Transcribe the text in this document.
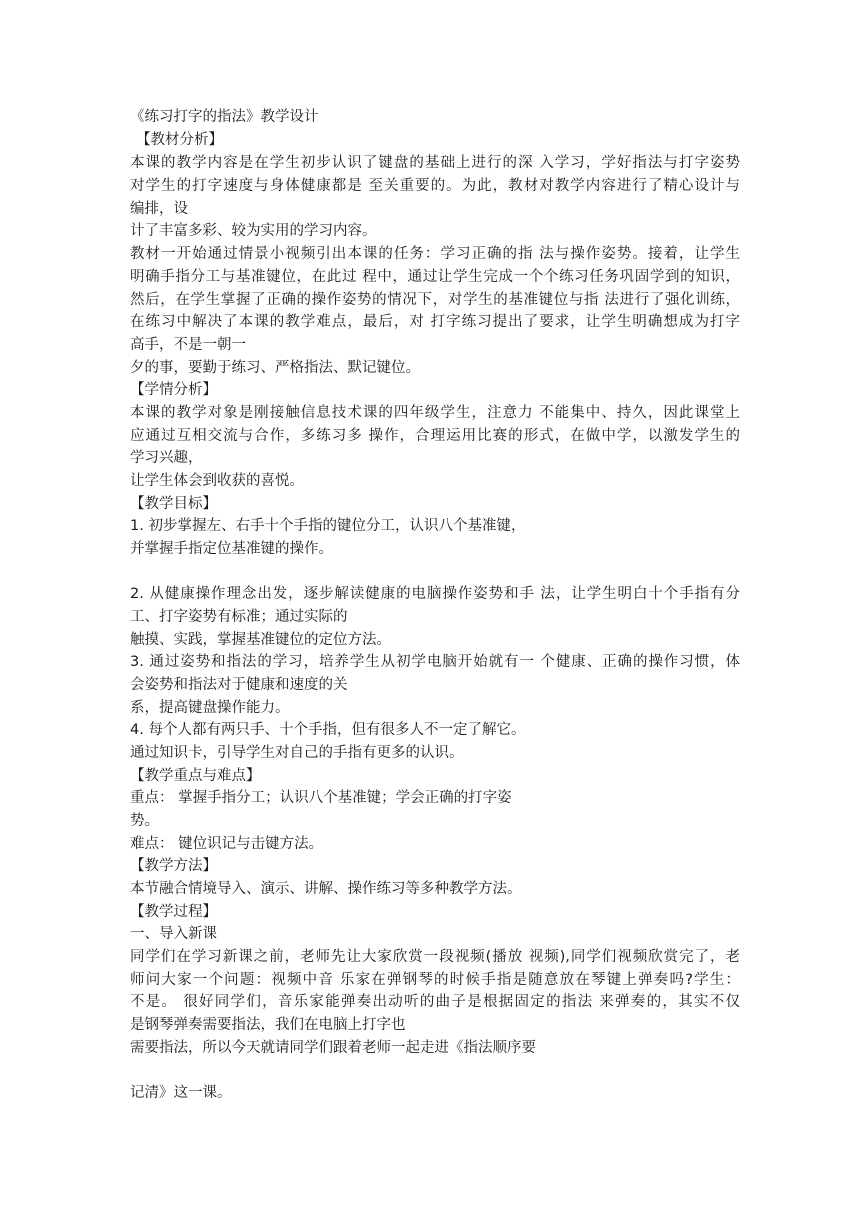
《练习打字的指法》教学设计
【教材分析】
本课的教学内容是在学生初步认识了键盘的基础上进行的深 入学习，学好指法与打字姿势
对学生的打字速度与身体健康都是 至关重要的。为此，教材对教学内容进行了精心设计与
编排，设
计了丰富多彩、较为实用的学习内容。
教材一开始通过情景小视频引出本课的任务：学习正确的指 法与操作姿势。接着，让学生
明确手指分工与基准键位，在此过 程中，通过让学生完成一个个练习任务巩固学到的知识，
然后，在学生掌握了正确的操作姿势的情况下，对学生的基准键位与指 法进行了强化训练，
在练习中解决了本课的教学难点，最后，对 打字练习提出了要求，让学生明确想成为打字
高手，不是一朝一
夕的事，要勤于练习、严格指法、默记键位。
【学情分析】
本课的教学对象是刚接触信息技术课的四年级学生，注意力 不能集中、持久，因此课堂上
应通过互相交流与合作，多练习多 操作，合理运用比赛的形式，在做中学，以激发学生的
学习兴趣，
让学生体会到收获的喜悦。
【教学目标】
1. 初步掌握左、右手十个手指的键位分工，认识八个基准键，
并掌握手指定位基准键的操作。
2. 从健康操作理念出发，逐步解读健康的电脑操作姿势和手 法，让学生明白十个手指有分
工、打字姿势有标准；通过实际的
触摸、实践，掌握基准键位的定位方法。
3. 通过姿势和指法的学习，培养学生从初学电脑开始就有一 个健康、正确的操作习惯，体
会姿势和指法对于健康和速度的关
系，提高键盘操作能力。
4. 每个人都有两只手、十个手指，但有很多人不一定了解它。
通过知识卡，引导学生对自己的手指有更多的认识。
【教学重点与难点】
重点： 掌握手指分工；认识八个基准键；学会正确的打字姿
势。
难点： 键位识记与击键方法。
【教学方法】
本节融合情境导入、演示、讲解、操作练习等多种教学方法。
【教学过程】
一、导入新课
同学们在学习新课之前，老师先让大家欣赏一段视频(播放 视频),同学们视频欣赏完了，老
师问大家一个问题：视频中音 乐家在弹钢琴的时候手指是随意放在琴键上弹奏吗?学生：
不是。 很好同学们，音乐家能弹奏出动听的曲子是根据固定的指法 来弹奏的，其实不仅
是钢琴弹奏需要指法，我们在电脑上打字也
需要指法，所以今天就请同学们跟着老师一起走进《指法顺序要
记清》这一课。
